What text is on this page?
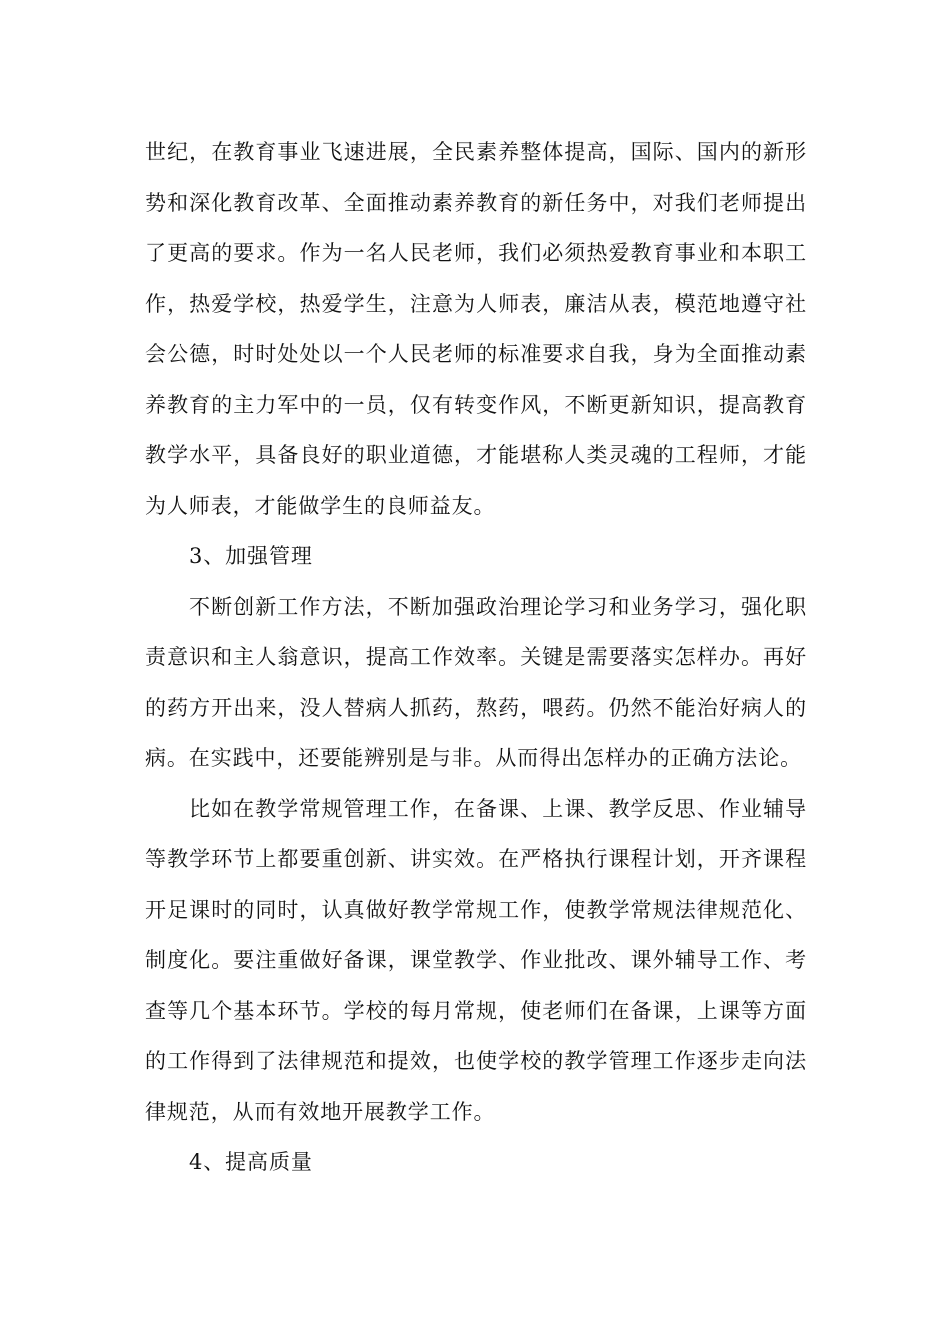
世纪，在教育事业飞速进展，全民素养整体提高，国际、国内的新形势和深化教育改革、全面推动素养教育的新任务中，对我们老师提出了更高的要求。作为一名人民老师，我们必须热爱教育事业和本职工作，热爱学校，热爱学生，注意为人师表，廉洁从表，模范地遵守社会公德，时时处处以一个人民老师的标准要求自我，身为全面推动素养教育的主力军中的一员，仅有转变作风，不断更新知识，提高教育教学水平，具备良好的职业道德，才能堪称人类灵魂的工程师，才能为人师表，才能做学生的良师益友。

3、加强管理

不断创新工作方法，不断加强政治理论学习和业务学习，强化职责意识和主人翁意识，提高工作效率。关键是需要落实怎样办。再好的药方开出来，没人替病人抓药，熬药，喂药。仍然不能治好病人的病。在实践中，还要能辨别是与非。从而得出怎样办的正确方法论。

比如在教学常规管理工作，在备课、上课、教学反思、作业辅导等教学环节上都要重创新、讲实效。在严格执行课程计划，开齐课程开足课时的同时，认真做好教学常规工作，使教学常规法律规范化、制度化。要注重做好备课，课堂教学、作业批改、课外辅导工作、考查等几个基本环节。学校的每月常规，使老师们在备课，上课等方面的工作得到了法律规范和提效，也使学校的教学管理工作逐步走向法律规范，从而有效地开展教学工作。

4、提高质量
